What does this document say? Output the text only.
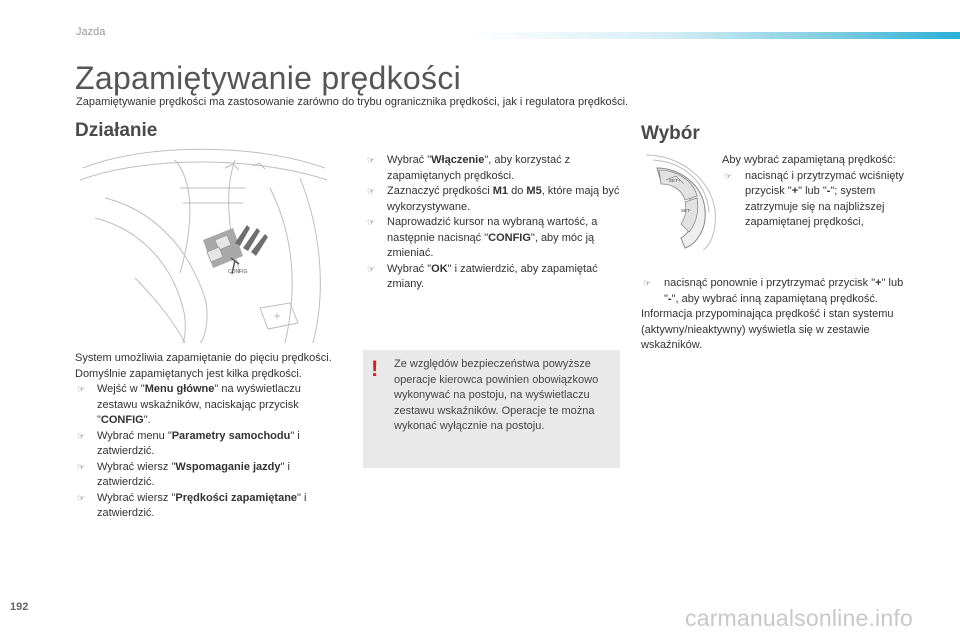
Jazda
Zapamiętywanie prędkości
Zapamiętywanie prędkości ma zastosowanie zarówno do trybu ogranicznika prędkości, jak i regulatora prędkości.
Działanie	Wybór
CONFIG
SET+
SET-

System umożliwia zapamiętanie do pięciu prędkości.

Domyślnie zapamiętanych jest kilka prędkości.

☞ Wejść w "Menu główne" na wyświetlaczu zestawu wskaźników, naciskając przycisk "CONFIG".
☞ Wybrać menu "Parametry samochodu" i zatwierdzić.
☞ Wybrać wiersz "Wspomaganie jazdy" i zatwierdzić.
☞ Wybrać wiersz "Prędkości zapamiętane" i zatwierdzić.
☞ Wybrać "Włączenie", aby korzystać z zapamiętanych prędkości.
☞ Zaznaczyć prędkości M1 do M5, które mają być wykorzystywane.
☞ Naprowadzić kursor na wybraną wartość, a następnie nacisnąć "CONFIG", aby móc ją zmieniać.
☞ Wybrać "OK" i zatwierdzić, aby zapamiętać zmiany.
! Ze względów bezpieczeństwa powyższe operacje kierowca powinien obowiązkowo wykonywać na postoju, na wyświetlaczu zestawu wskaźników. Operacje te można wykonać wyłącznie na postoju.

Aby wybrać zapamiętaną prędkość:

☞ nacisnąć i przytrzymać wciśnięty przycisk "+" lub "-"; system zatrzymuje się na najbliższej zapamiętanej prędkości,
☞ nacisnąć ponownie i przytrzymać przycisk "+" lub "-", aby wybrać inną zapamiętaną prędkość.

Informacja przypominająca prędkość i stan systemu (aktywny/nieaktywny) wyświetla się w zestawie wskaźników.

192	carmanualsonline.info
